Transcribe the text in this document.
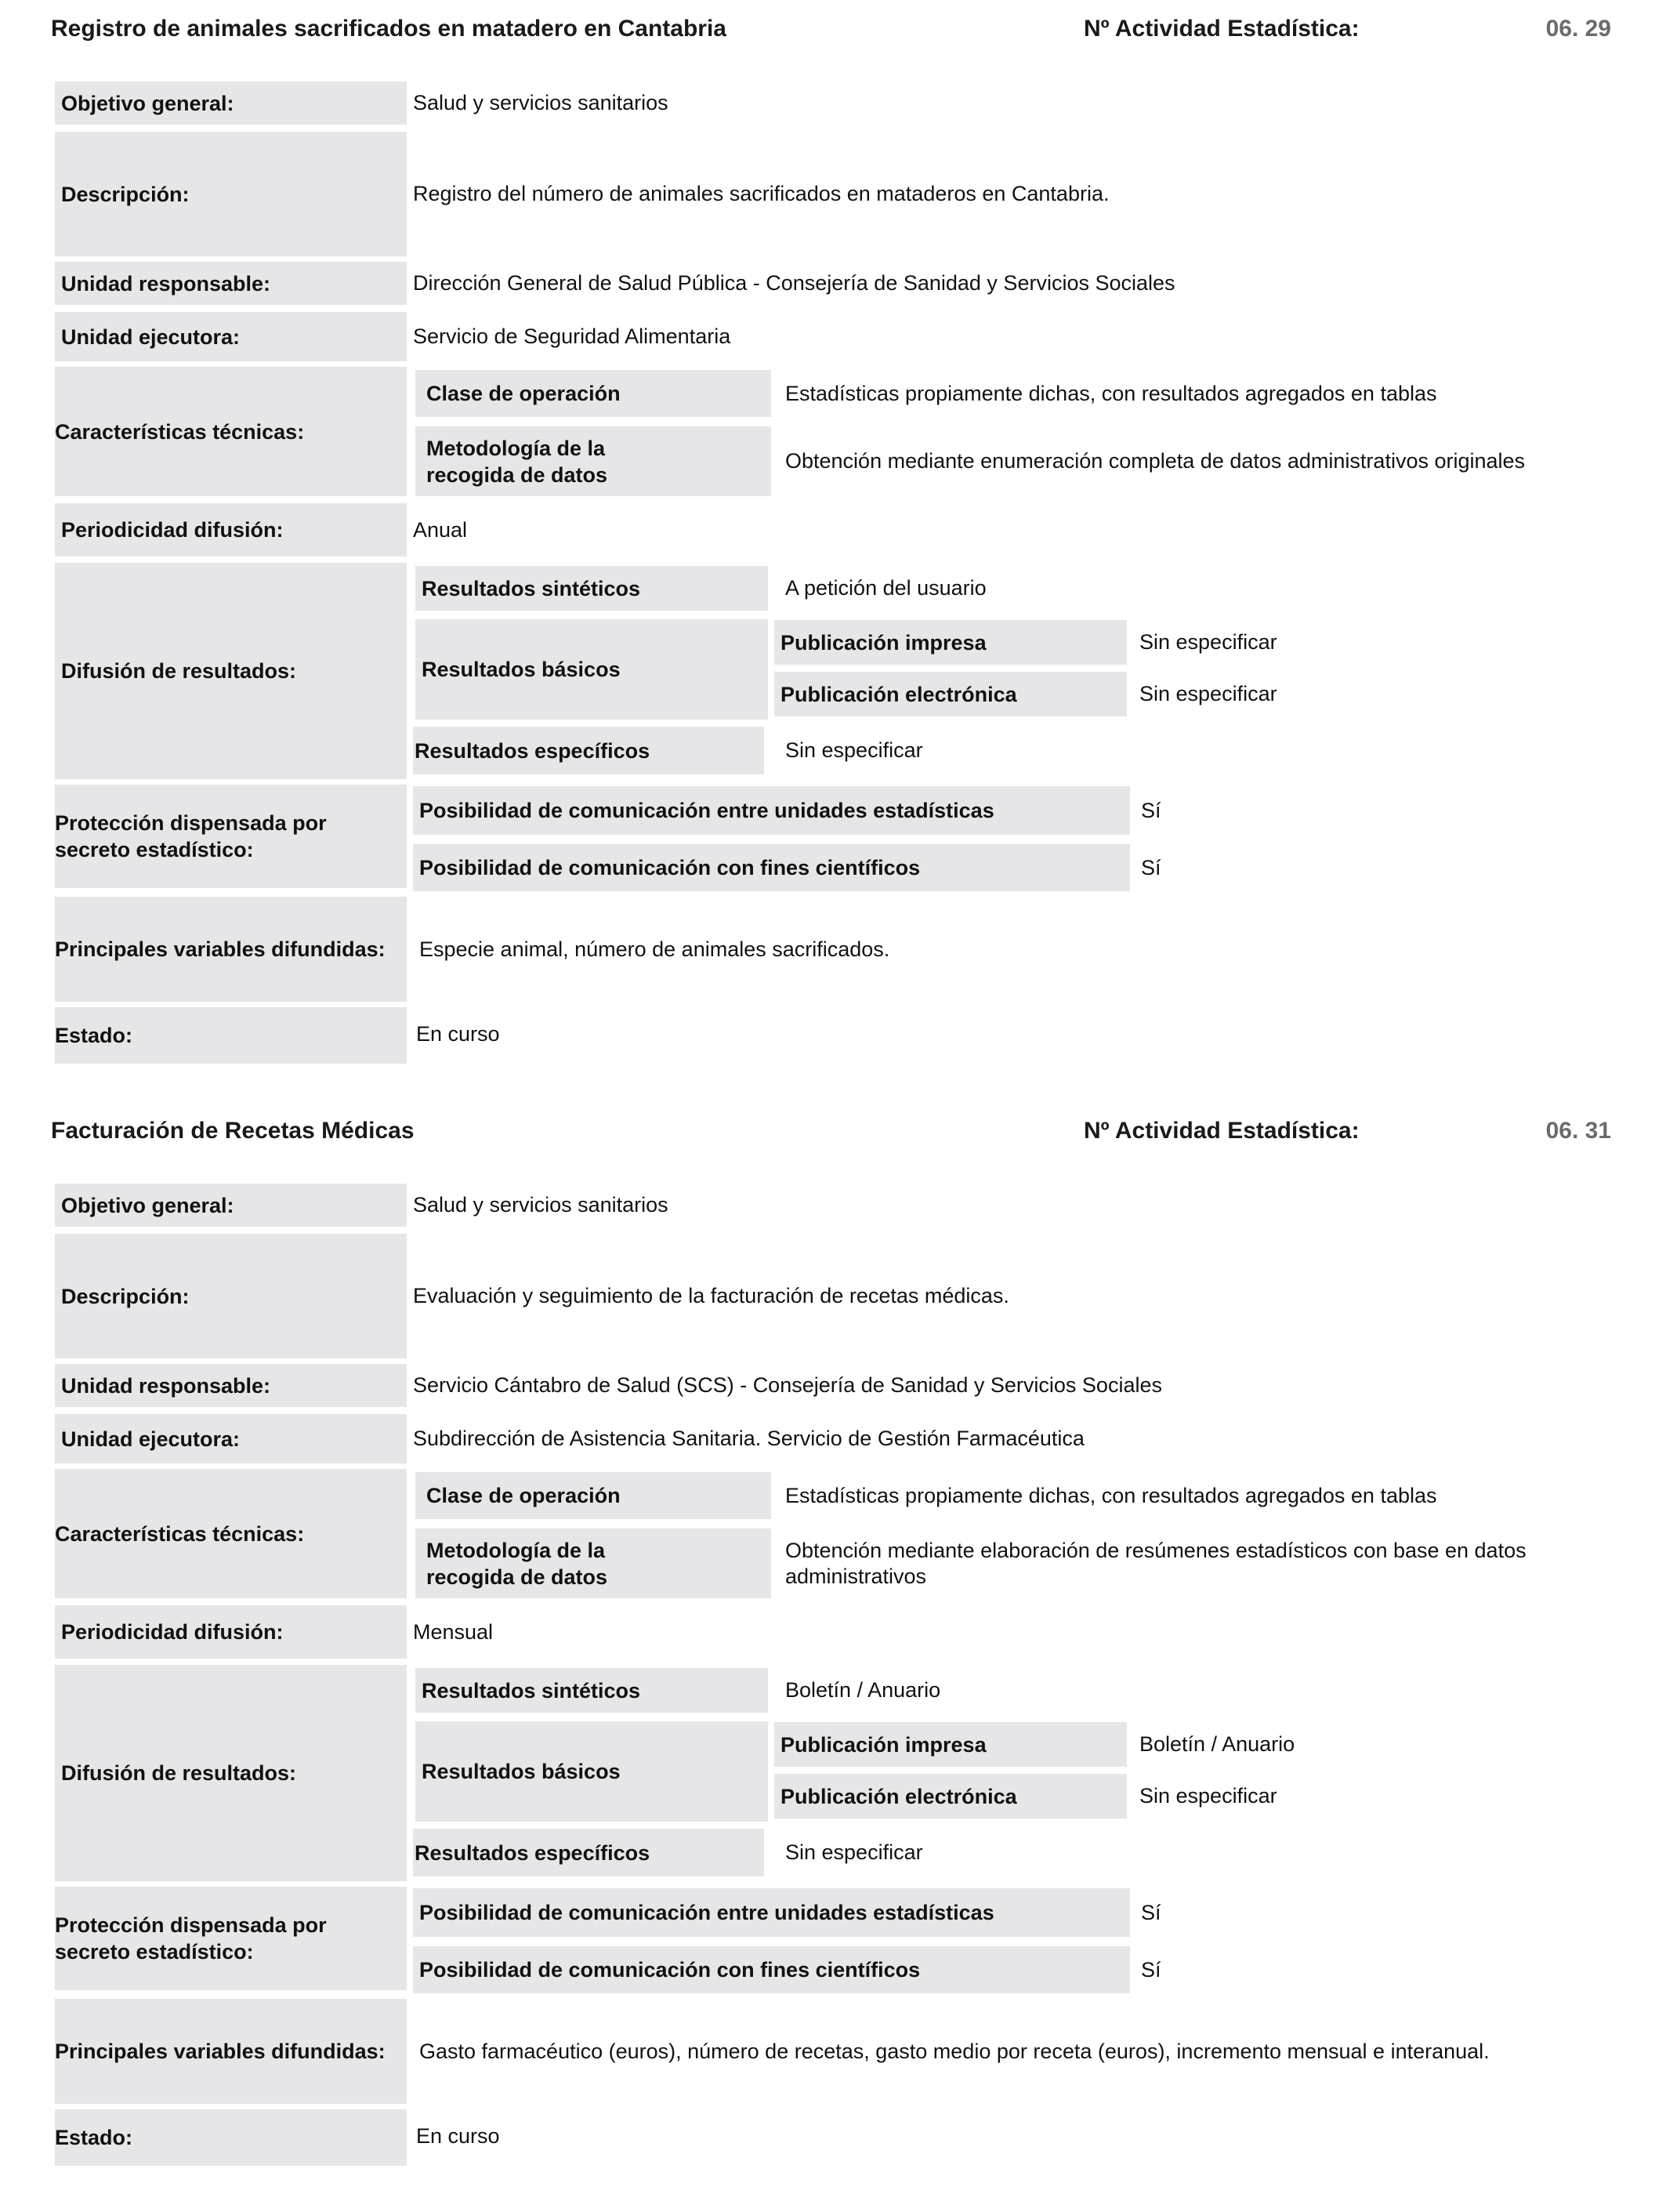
Registro de animales sacrificados en matadero en Cantabria	Nº Actividad Estadística:	06. 29
Objetivo general:	Salud y servicios sanitarios
Descripción:	Registro del número de animales sacrificados en mataderos en Cantabria.
Unidad responsable:	Dirección General de Salud Pública - Consejería de Sanidad y Servicios Sociales
Unidad ejecutora:	Servicio de Seguridad Alimentaria
Características técnicas:
Clase de operación	Estadísticas propiamente dichas, con resultados agregados en tablas
Metodología de la
recogida de datos
Obtención mediante enumeración completa de datos administrativos originales
Periodicidad difusión:	Anual
Difusión de resultados:
Resultados sintéticos	A petición del usuario
Resultados básicos
Publicación impresa	Sin especificar
Publicación electrónica	Sin especificar
Resultados específicos	Sin especificar
Protección dispensada por
secreto estadístico:
Posibilidad de comunicación entre unidades estadísticas	Sí
Posibilidad de comunicación con fines científicos	Sí
Principales variables difundidas:	Especie animal, número de animales sacrificados.
Estado:	En curso
Facturación de Recetas Médicas	Nº Actividad Estadística:	06. 31
Objetivo general:	Salud y servicios sanitarios
Descripción:	Evaluación y seguimiento de la facturación de recetas médicas.
Unidad responsable:	Servicio Cántabro de Salud (SCS) - Consejería de Sanidad y Servicios Sociales
Unidad ejecutora:	Subdirección de Asistencia Sanitaria. Servicio de Gestión Farmacéutica
Características técnicas:
Clase de operación	Estadísticas propiamente dichas, con resultados agregados en tablas
Metodología de la
recogida de datos
Obtención mediante elaboración de resúmenes estadísticos con base en datos
administrativos
Periodicidad difusión:	Mensual
Difusión de resultados:
Resultados sintéticos	Boletín / Anuario
Resultados básicos
Publicación impresa	Boletín / Anuario
Publicación electrónica	Sin especificar
Resultados específicos	Sin especificar
Protección dispensada por
secreto estadístico:
Posibilidad de comunicación entre unidades estadísticas	Sí
Posibilidad de comunicación con fines científicos	Sí
Principales variables difundidas:	Gasto farmacéutico (euros), número de recetas, gasto medio por receta (euros), incremento mensual e interanual.
Estado:	En curso
